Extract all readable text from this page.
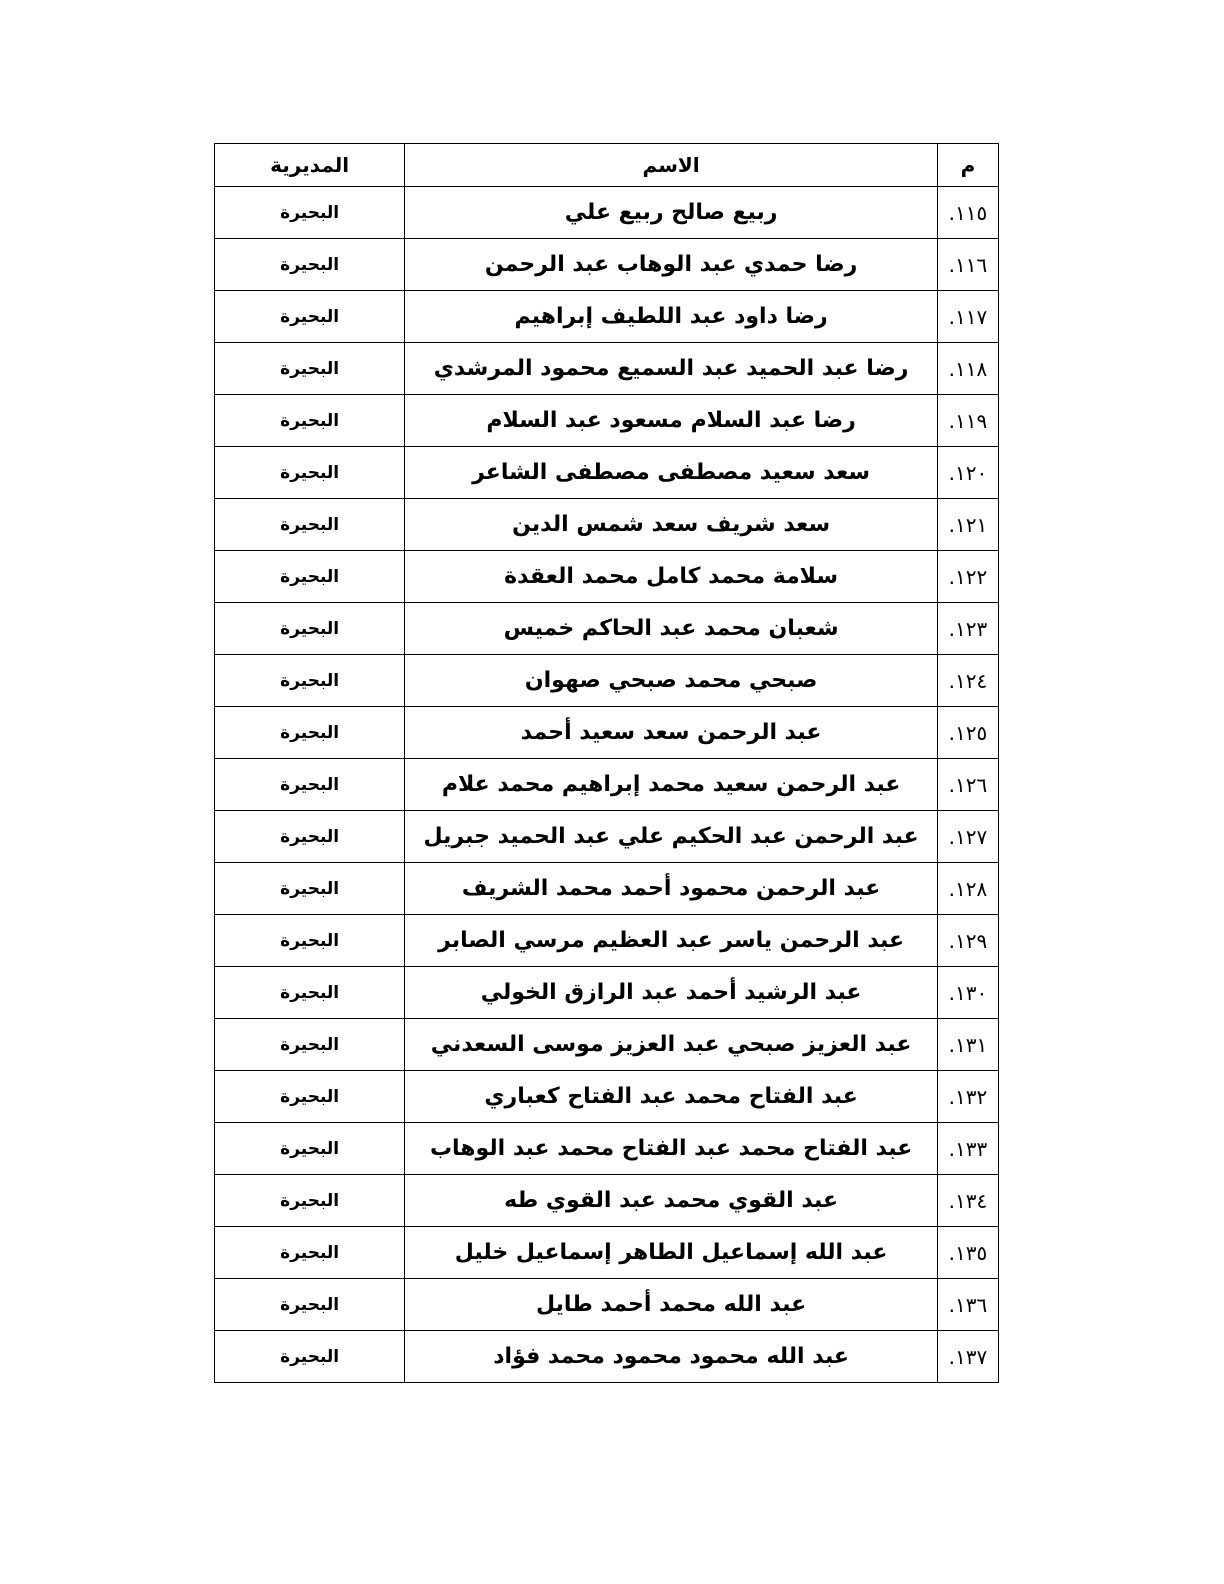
م	الاسم	المديرية
.١١٥	ربيع صالح ربيع علي	البحيرة
.١١٦	رضا حمدي عبد الوهاب عبد الرحمن	البحيرة
.١١٧	رضا داود عبد اللطيف إبراهيم	البحيرة
.١١٨	رضا عبد الحميد عبد السميع محمود المرشدي	البحيرة
.١١٩	رضا عبد السلام مسعود عبد السلام	البحيرة
.١٢٠	سعد سعيد مصطفى مصطفى الشاعر	البحيرة
.١٢١	سعد شريف سعد شمس الدين	البحيرة
.١٢٢	سلامة محمد كامل محمد العقدة	البحيرة
.١٢٣	شعبان محمد عبد الحاكم خميس	البحيرة
.١٢٤	صبحي محمد صبحي صهوان	البحيرة
.١٢٥	عبد الرحمن سعد سعيد أحمد	البحيرة
.١٢٦	عبد الرحمن سعيد محمد إبراهيم محمد علام	البحيرة
.١٢٧	عبد الرحمن عبد الحكيم علي عبد الحميد جبريل	البحيرة
.١٢٨	عبد الرحمن محمود أحمد محمد الشريف	البحيرة
.١٢٩	عبد الرحمن ياسر عبد العظيم مرسي الصابر	البحيرة
.١٣٠	عبد الرشيد أحمد عبد الرازق الخولي	البحيرة
.١٣١	عبد العزيز صبحي عبد العزيز موسى السعدني	البحيرة
.١٣٢	عبد الفتاح محمد عبد الفتاح كعباري	البحيرة
.١٣٣	عبد الفتاح محمد عبد الفتاح محمد عبد الوهاب	البحيرة
.١٣٤	عبد القوي محمد عبد القوي طه	البحيرة
.١٣٥	عبد الله إسماعيل الطاهر إسماعيل خليل	البحيرة
.١٣٦	عبد الله محمد أحمد طايل	البحيرة
.١٣٧	عبد الله محمود محمود محمد فؤاد	البحيرة
